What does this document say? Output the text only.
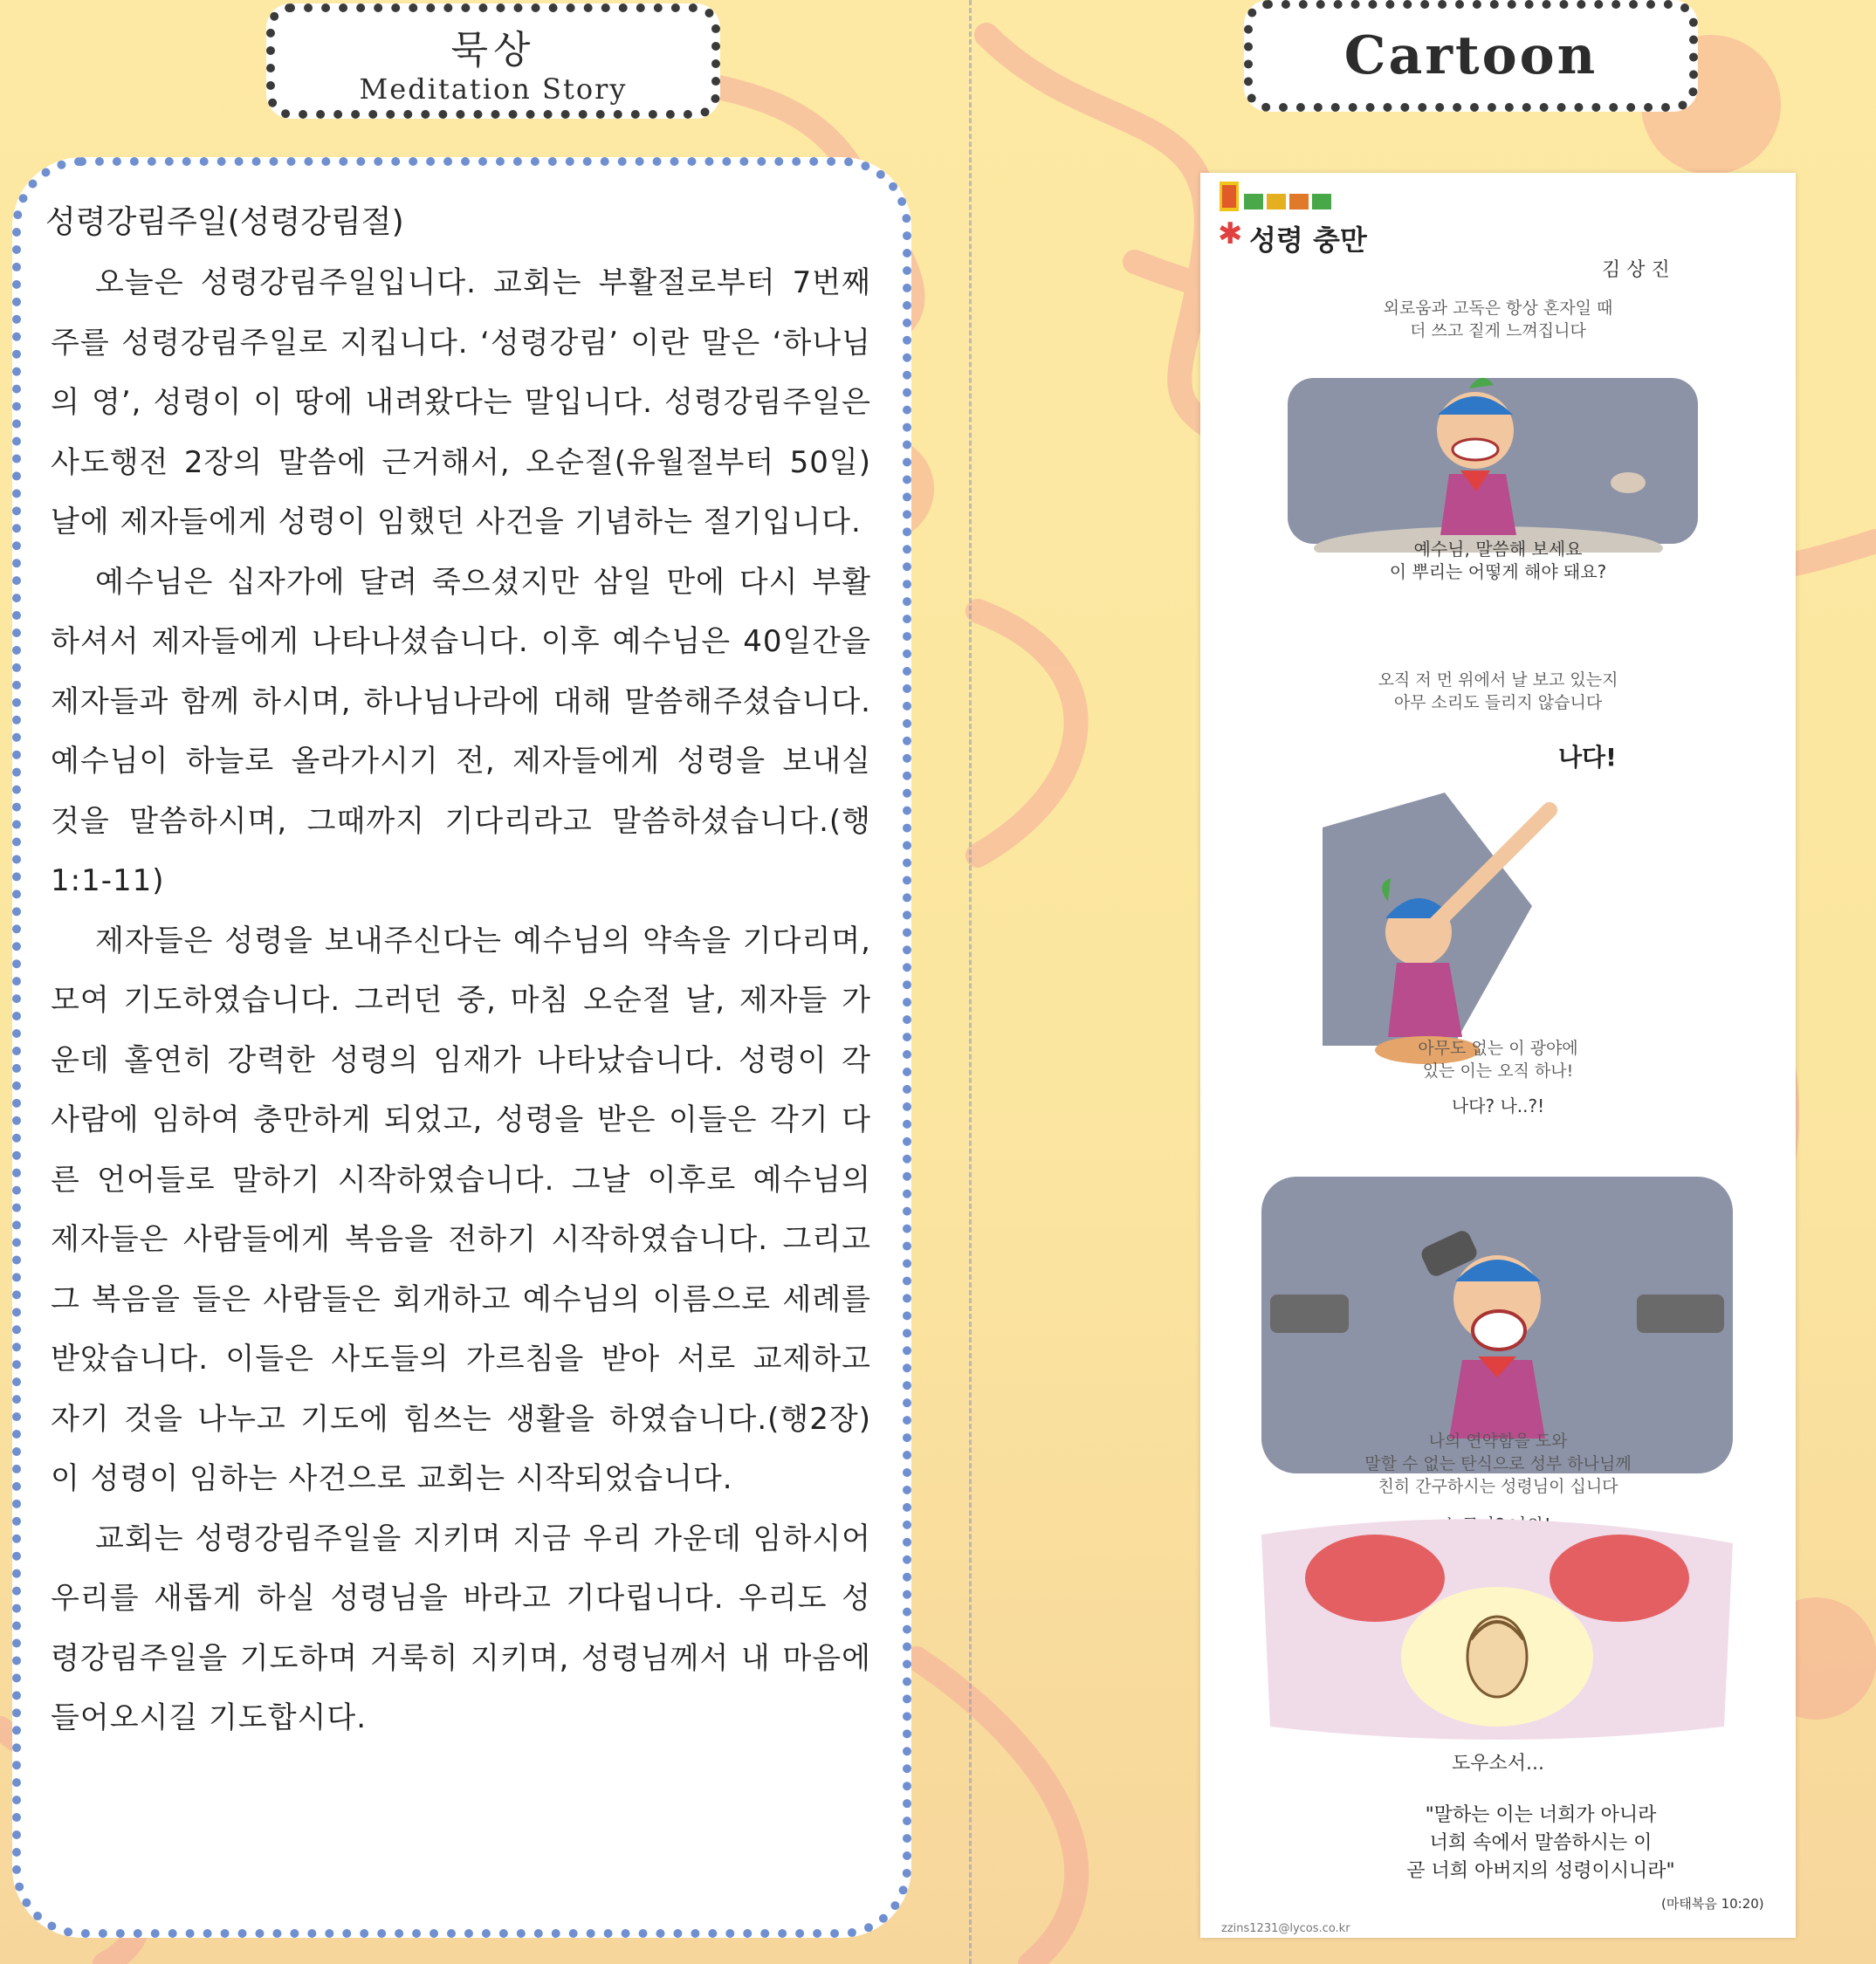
묵상
Meditation Story
Cartoon
성령강림주일(성령강림절)

오늘은 성령강림주일입니다. 교회는 부활절로부터 7번째 주를 성령강림주일로 지킵니다. ‘성령강림’ 이란 말은 ‘하나님의 영’, 성령이 이 땅에 내려왔다는 말입니다. 성령강림주일은 사도행전 2장의 말씀에 근거해서, 오순절(유월절부터 50일) 날에 제자들에게 성령이 임했던 사건을 기념하는 절기입니다.

예수님은 십자가에 달려 죽으셨지만 삼일 만에 다시 부활하셔서 제자들에게 나타나셨습니다. 이후 예수님은 40일간을 제자들과 함께 하시며, 하나님나라에 대해 말씀해주셨습니다. 예수님이 하늘로 올라가시기 전, 제자들에게 성령을 보내실 것을 말씀하시며, 그때까지 기다리라고 말씀하셨습니다.(행1:1-11)

제자들은 성령을 보내주신다는 예수님의 약속을 기다리며, 모여 기도하였습니다. 그러던 중, 마침 오순절 날, 제자들 가운데 홀연히 강력한 성령의 임재가 나타났습니다. 성령이 각 사람에 임하여 충만하게 되었고, 성령을 받은 이들은 각기 다른 언어들로 말하기 시작하였습니다. 그날 이후로 예수님의 제자들은 사람들에게 복음을 전하기 시작하였습니다. 그리고 그 복음을 들은 사람들은 회개하고 예수님의 이름으로 세례를 받았습니다. 이들은 사도들의 가르침을 받아 서로 교제하고 자기 것을 나누고 기도에 힘쓰는 생활을 하였습니다.(행2장) 이 성령이 임하는 사건으로 교회는 시작되었습니다.

교회는 성령강림주일을 지키며 지금 우리 가운데 임하시어 우리를 새롭게 하실 성령님을 바라고 기다립니다. 우리도 성령강림주일을 기도하며 거룩히 지키며, 성령님께서 내 마음에 들어오시길 기도합시다.

✱ 성령 충만
김 상 진
외로움과 고독은 항상 혼자일 때
더 쓰고 짙게 느껴집니다
예수님, 말씀해 보세요
이 뿌리는 어떻게 해야 돼요?
오직 저 먼 위에서 날 보고 있는지
아무 소리도 들리지 않습니다
나다!
나다? 나..?!
아무도 없는 이 광야에
있는 이는 오직 하나!
나의 연약함을 도와
말할 수 없는 탄식으로 성부 하나님께
친히 간구하시는 성령님이 십니다
도우소서...
"말하는 이는 너희가 아니라
너희 속에서 말씀하시는 이
곧 너희 아버지의 성령이시니라"
(마태복음 10:20)
zzins1231@lycos.co.kr
